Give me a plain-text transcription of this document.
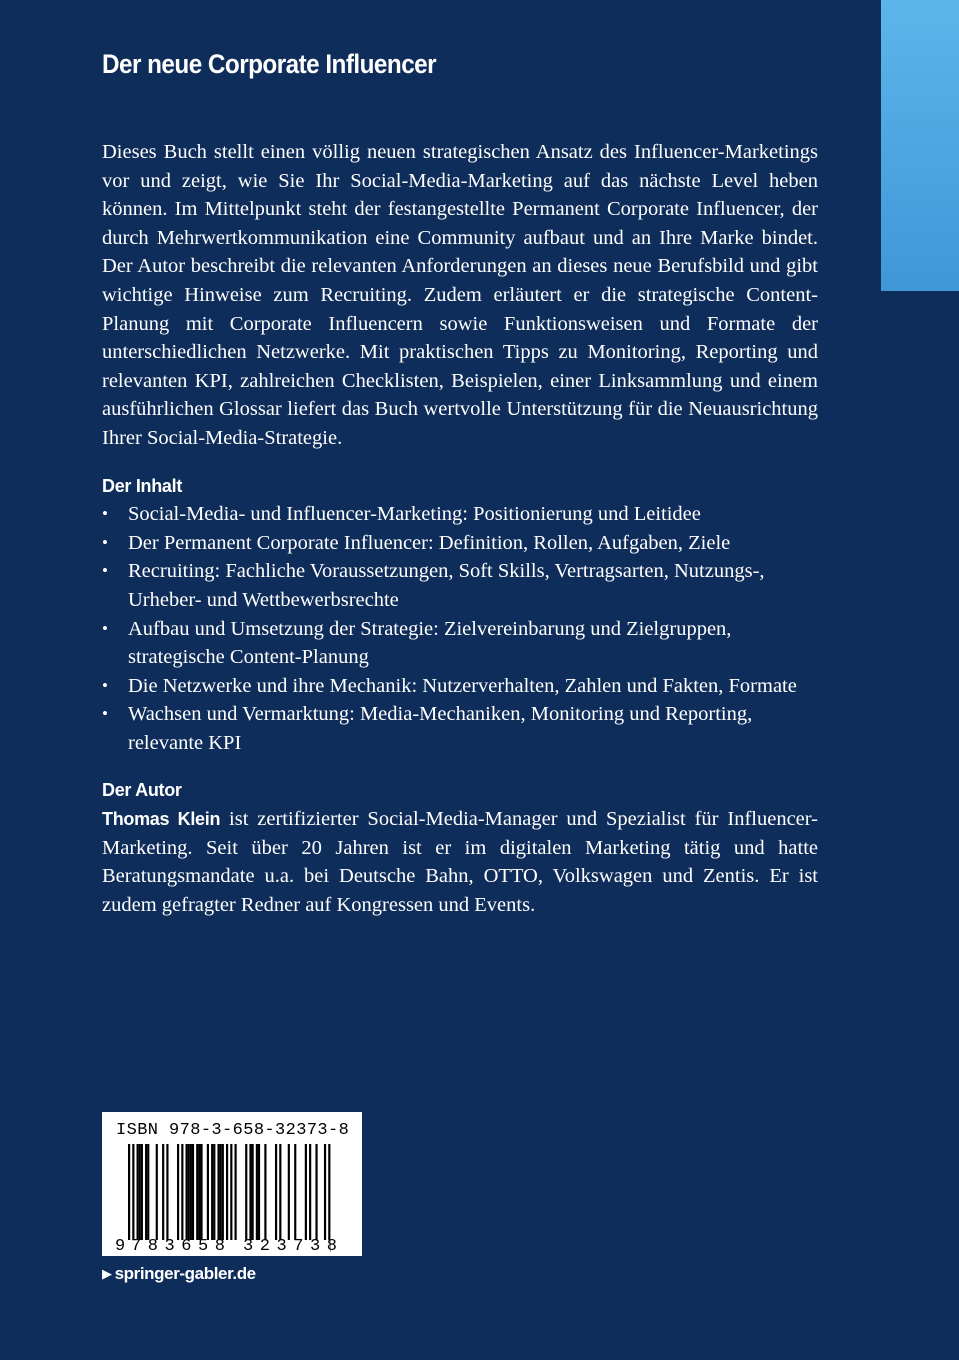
Der neue Corporate Influencer

Dieses Buch stellt einen völlig neuen strategischen Ansatz des Influencer-Marketings vor und zeigt, wie Sie Ihr Social-Media-Marketing auf das nächste Level heben können. Im Mittelpunkt steht der festangestellte Permanent Corporate Influencer, der durch Mehrwertkommunikation eine Community aufbaut und an Ihre Marke bindet. Der Autor beschreibt die relevanten Anforderungen an dieses neue Berufsbild und gibt wichtige Hinweise zum Recruiting. Zudem erläutert er die strategische Content-Planung mit Corporate Influencern sowie Funktionsweisen und Formate der unterschiedlichen Netzwerke. Mit praktischen Tipps zu Monitoring, Reporting und relevanten KPI, zahlreichen Checklisten, Beispielen, einer Linksammlung und einem ausführlichen Glossar liefert das Buch wertvolle Unterstützung für die Neuausrichtung Ihrer Social-Media-Strategie.

Der Inhalt
• Social-Media- und Influencer-Marketing: Positionierung und Leitidee
• Der Permanent Corporate Influencer: Definition, Rollen, Aufgaben, Ziele
• Recruiting: Fachliche Voraussetzungen, Soft Skills, Vertragsarten, Nutzungs-, Urheber- und Wettbewerbsrechte
• Aufbau und Umsetzung der Strategie: Zielvereinbarung und Zielgruppen, strategische Content-Planung
• Die Netzwerke und ihre Mechanik: Nutzerverhalten, Zahlen und Fakten, Formate
• Wachsen und Vermarktung: Media-Mechaniken, Monitoring und Reporting, relevante KPI
Der Autor

Thomas Klein ist zertifizierter Social-Media-Manager und Spezialist für Influencer-Marketing. Seit über 20 Jahren ist er im digitalen Marketing tätig und hatte Beratungsmandate u.a. bei Deutsche Bahn, OTTO, Volkswagen und Zentis. Er ist zudem gefragter Redner auf Kongressen und Events.

ISBN 978-3-658-32373-8
9 783658 323738
▶ springer-gabler.de
